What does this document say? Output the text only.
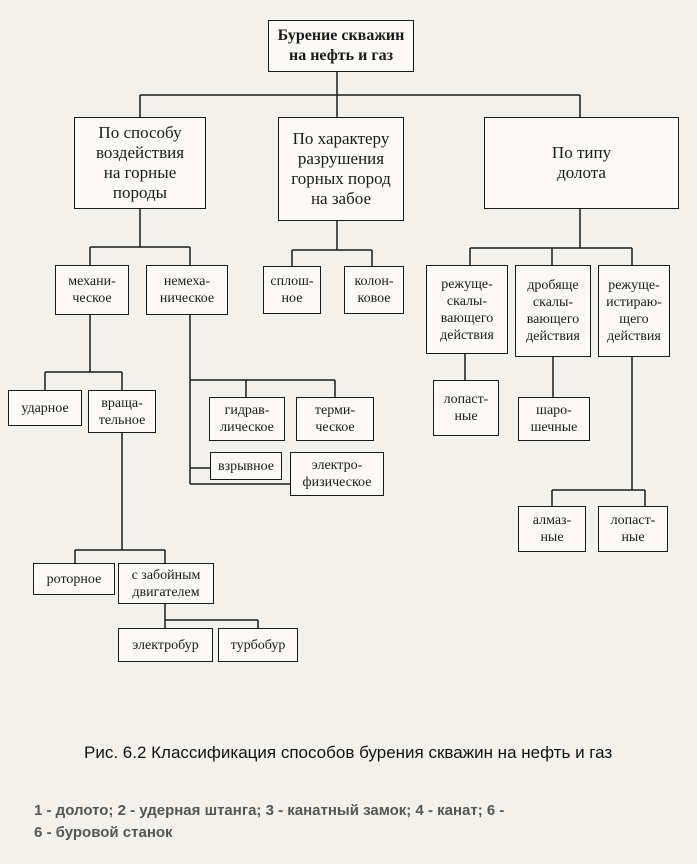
Бурение скважин
на нефть и газ
По способу
воздействия
на горные
породы
По характеру
разрушения
горных пород
на забое
По типу
долота
механи-
ческое
немеха-
ническое
ударное	враща-
тельное
гидрав-
лическое
терми-
ческое
взрывное	электро-
физическое
роторное	с забойным
двигателем
электробур	турбобур
сплош-
ное
колон-
ковое
режуще-
скалы-
вающего
действия
дробяще
скалы-
вающего
действия
режуще-
истираю-
щего
действия
лопаст-
ные	шаро-
шечные
алмаз-
ные
лопаст-
ные
Рис. 6.2 Классификация способов бурения скважин на нефть и газ
1 - долото; 2 - удерная штанга; 3 - канатный замок; 4 - канат; 6 -
6 - буровой станок
